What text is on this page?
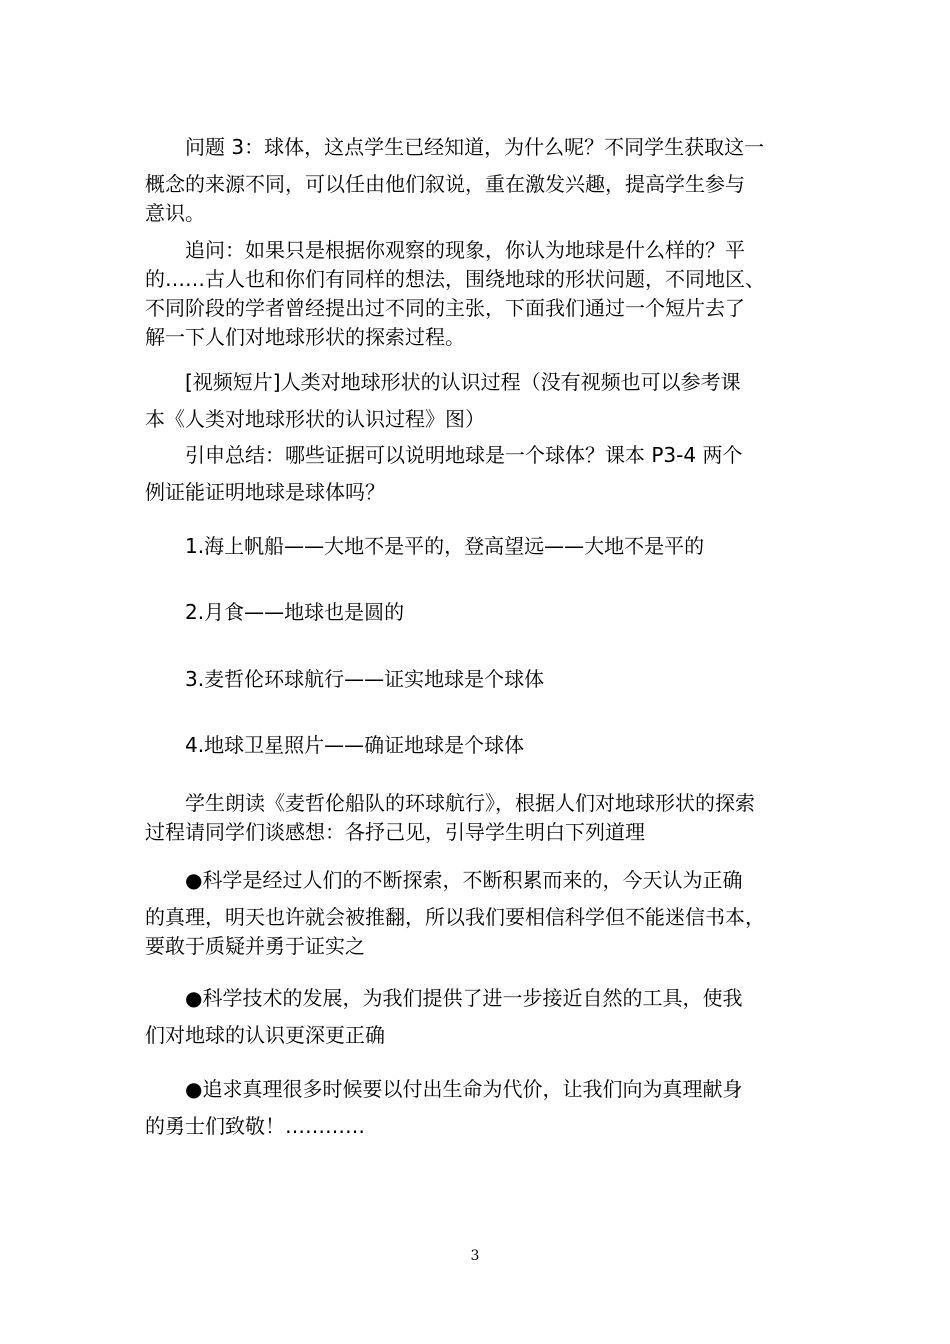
问题 3：球体，这点学生已经知道，为什么呢？不同学生获取这一
概念的来源不同，可以任由他们叙说，重在激发兴趣，提高学生参与
意识。
追问：如果只是根据你观察的现象，你认为地球是什么样的？平
的……古人也和你们有同样的想法，围绕地球的形状问题，不同地区、
不同阶段的学者曾经提出过不同的主张，下面我们通过一个短片去了
解一下人们对地球形状的探索过程。
[视频短片]人类对地球形状的认识过程（没有视频也可以参考课
本《人类对地球形状的认识过程》图）
引申总结：哪些证据可以说明地球是一个球体？课本 P3-4 两个
例证能证明地球是球体吗？

1.海上帆船——大地不是平的，登高望远——大地不是平的

2.月食——地球也是圆的

3.麦哲伦环球航行——证实地球是个球体

4.地球卫星照片——确证地球是个球体

学生朗读《麦哲伦船队的环球航行》，根据人们对地球形状的探索
过程请同学们谈感想：各抒己见，引导学生明白下列道理
●科学是经过人们的不断探索，不断积累而来的，今天认为正确
的真理，明天也许就会被推翻，所以我们要相信科学但不能迷信书本，
要敢于质疑并勇于证实之
●科学技术的发展，为我们提供了进一步接近自然的工具，使我
们对地球的认识更深更正确
●追求真理很多时候要以付出生命为代价，让我们向为真理献身
的勇士们致敬！…………
3
